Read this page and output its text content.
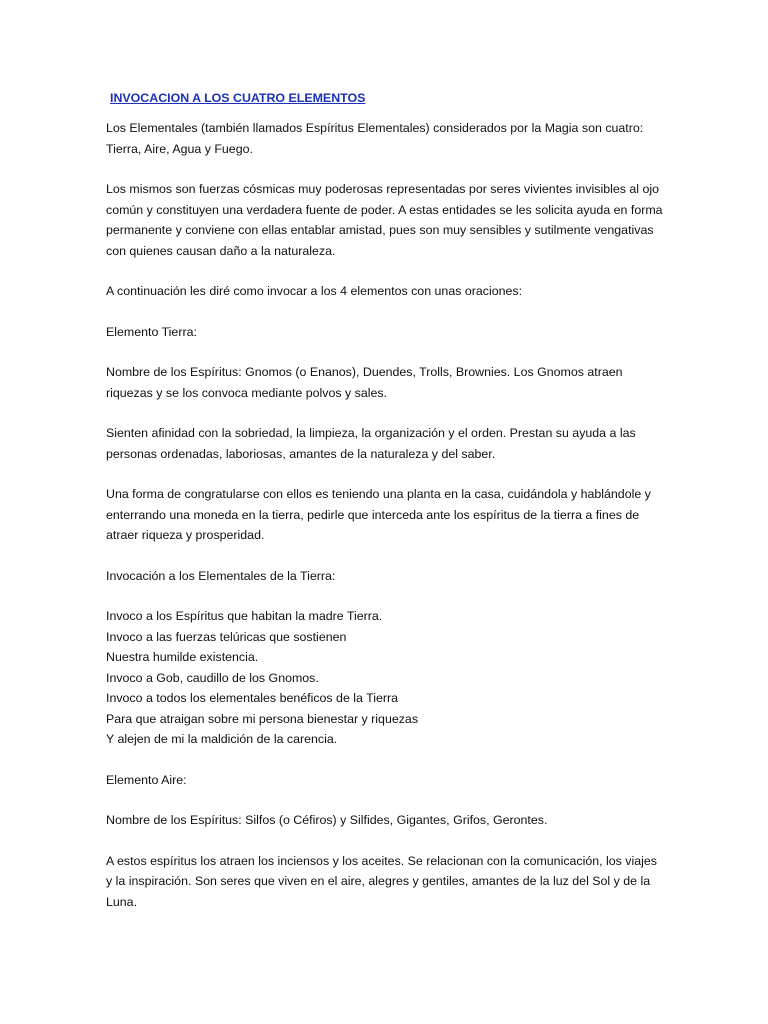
INVOCACION A LOS CUATRO ELEMENTOS

Los Elementales (también llamados Espíritus Elementales) considerados por la Magia son cuatro: Tierra, Aire, Agua y Fuego.

Los mismos son fuerzas cósmicas muy poderosas representadas por seres vivientes invisibles al ojo común y constituyen una verdadera fuente de poder. A estas entidades se les solicita ayuda en forma permanente y conviene con ellas entablar amistad, pues son muy sensibles y sutilmente vengativas con quienes causan daño a la naturaleza.

A continuación les diré como invocar a los 4 elementos con unas oraciones:

Elemento Tierra:

Nombre de los Espíritus: Gnomos (o Enanos), Duendes, Trolls, Brownies. Los Gnomos atraen riquezas y se los convoca mediante polvos y sales.

Sienten afinidad con la sobriedad, la limpieza, la organización y el orden. Prestan su ayuda a las personas ordenadas, laboriosas, amantes de la naturaleza y del saber.

Una forma de congratularse con ellos es teniendo una planta en la casa, cuidándola y hablándole y enterrando una moneda en la tierra, pedirle que interceda ante los espíritus de la tierra a fines de atraer riqueza y prosperidad.

Invocación a los Elementales de la Tierra:

Invoco a los Espíritus que habitan la madre Tierra.
Invoco a las fuerzas telúricas que sostienen
Nuestra humilde existencia.
Invoco a Gob, caudillo de los Gnomos.
Invoco a todos los elementales benéficos de la Tierra
Para que atraigan sobre mi persona bienestar y riquezas
Y alejen de mi la maldición de la carencia.

Elemento Aire:

Nombre de los Espíritus: Silfos (o Céfiros) y Silfides, Gigantes, Grifos, Gerontes.

A estos espíritus los atraen los inciensos y los aceites. Se relacionan con la comunicación, los viajes y la inspiración. Son seres que viven en el aire, alegres y gentiles, amantes de la luz del Sol y de la Luna.
